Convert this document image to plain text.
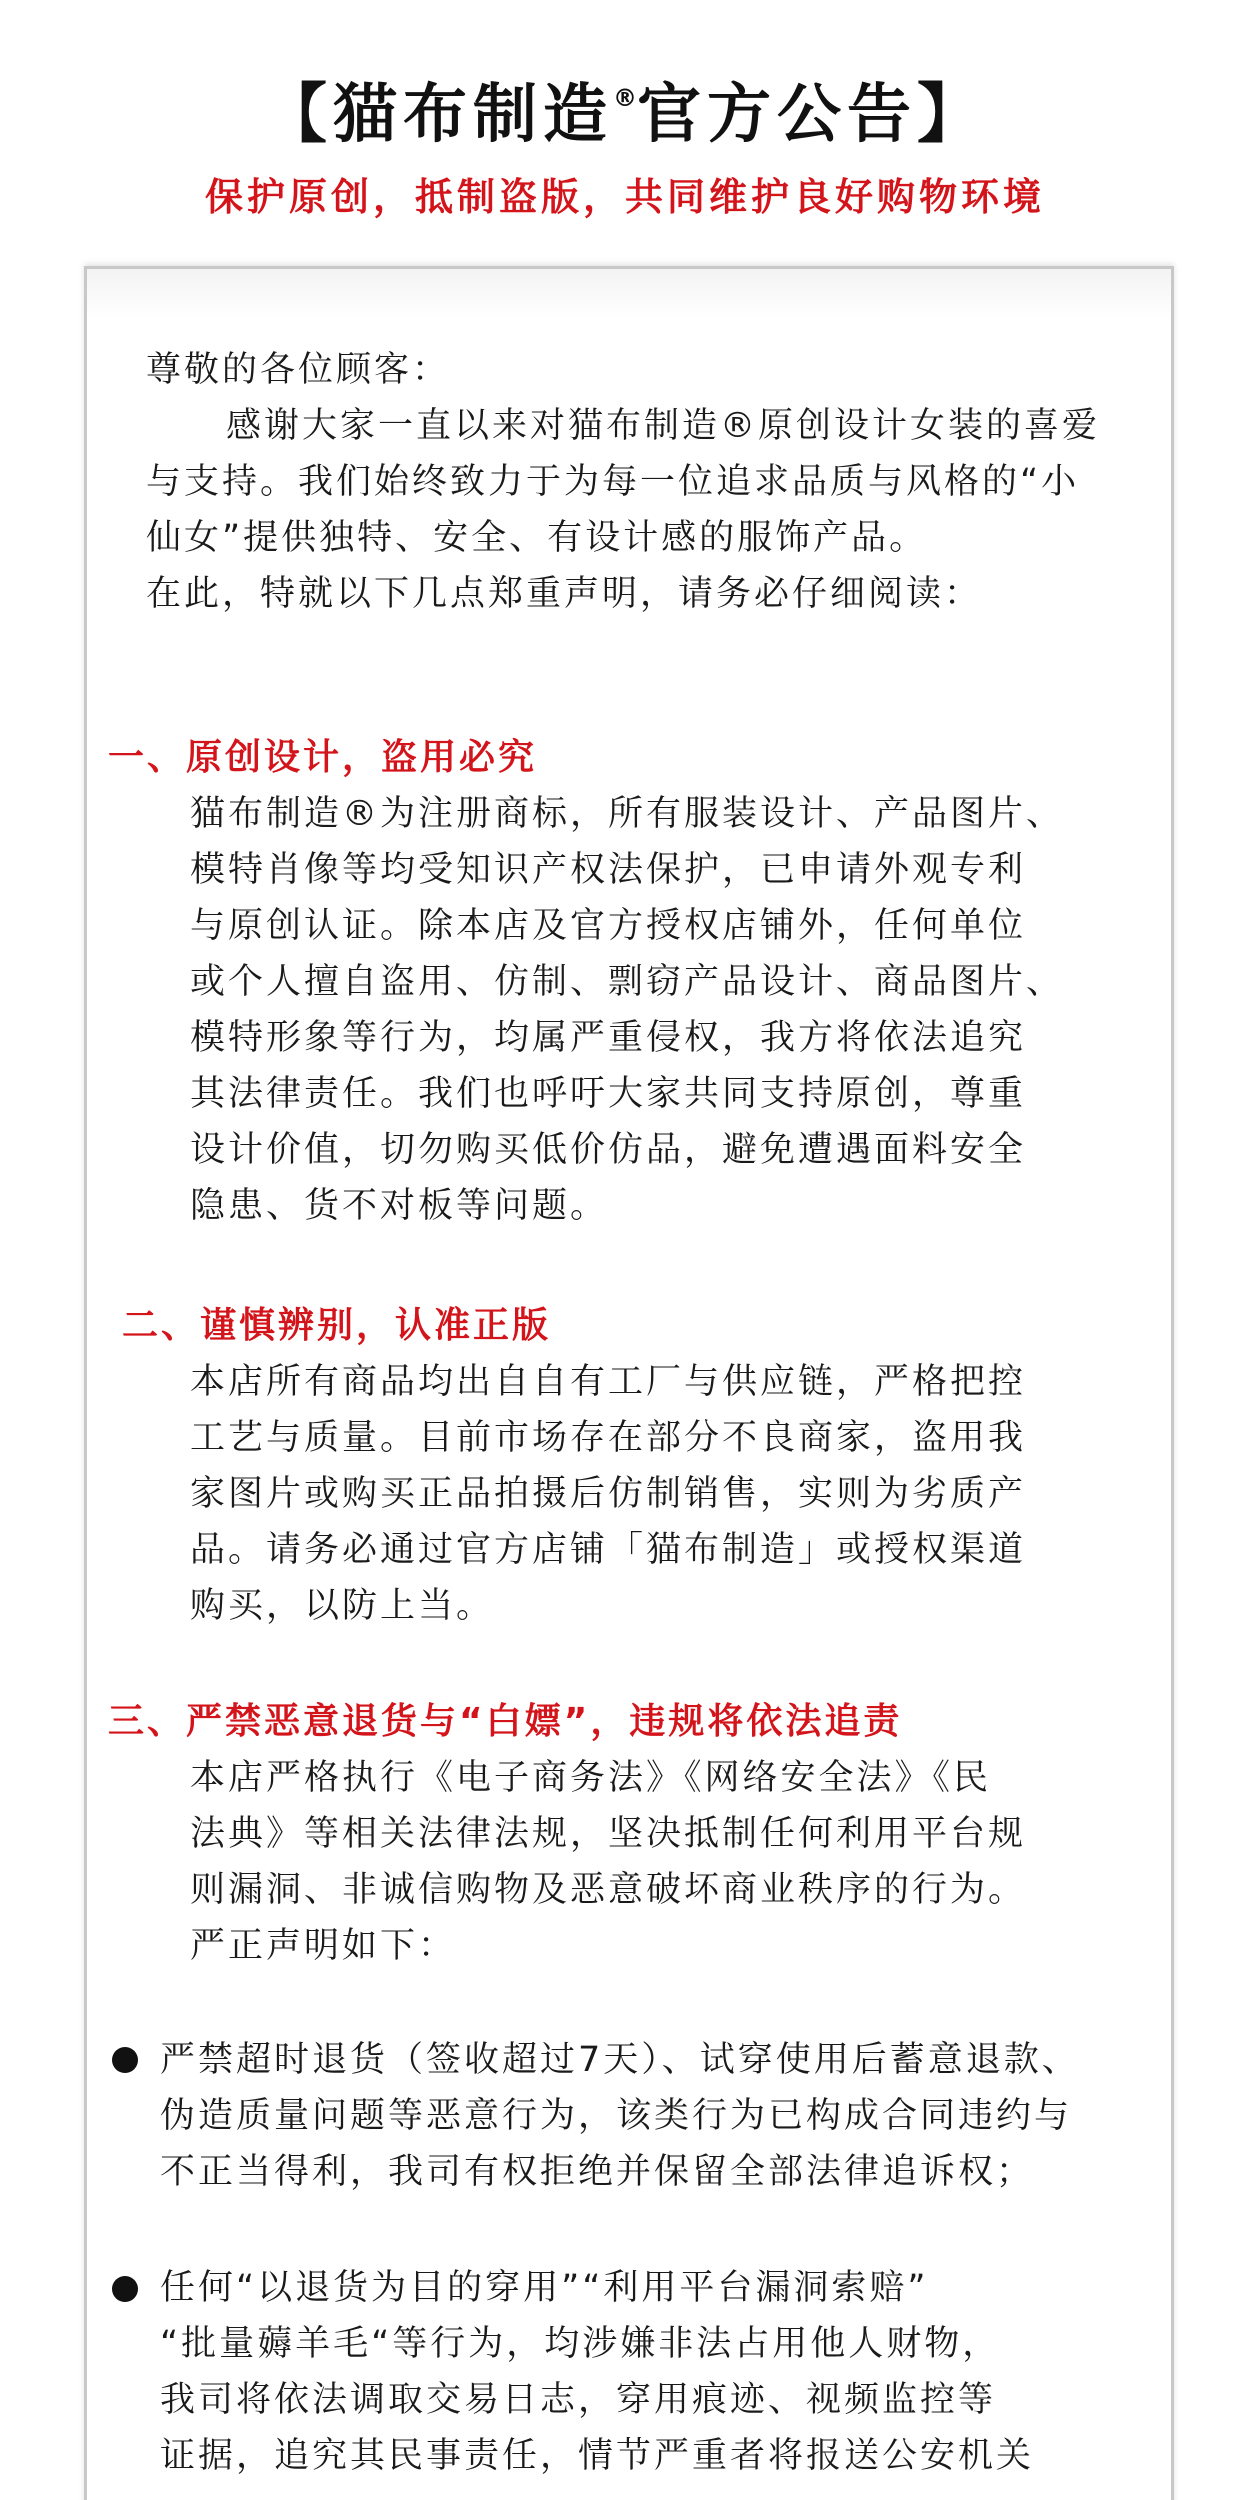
【猫布制造®官方公告】
保护原创，抵制盗版，共同维护良好购物环境
尊敬的各位顾客：
感谢大家一直以来对猫布制造®原创设计女装的喜爱
与支持。我们始终致力于为每一位追求品质与风格的“小
仙女”提供独特、安全、有设计感的服饰产品。
在此，特就以下几点郑重声明，请务必仔细阅读：
一、原创设计，盗用必究
猫布制造®为注册商标，所有服装设计、产品图片、
模特肖像等均受知识产权法保护，已申请外观专利
与原创认证。除本店及官方授权店铺外，任何单位
或个人擅自盗用、仿制、剽窃产品设计、商品图片、
模特形象等行为，均属严重侵权，我方将依法追究
其法律责任。我们也呼吁大家共同支持原创，尊重
设计价值，切勿购买低价仿品，避免遭遇面料安全
隐患、货不对板等问题。
二、谨慎辨别，认准正版
本店所有商品均出自自有工厂与供应链，严格把控
工艺与质量。目前市场存在部分不良商家，盗用我
家图片或购买正品拍摄后仿制销售，实则为劣质产
品。请务必通过官方店铺「猫布制造」或授权渠道
购买，以防上当。
三、严禁恶意退货与“白嫖”，违规将依法追责
本店严格执行《电子商务法》《网络安全法》《民
法典》等相关法律法规，坚决抵制任何利用平台规
则漏洞、非诚信购物及恶意破坏商业秩序的行为。
严正声明如下：
严禁超时退货（签收超过7天）、试穿使用后蓄意退款、
伪造质量问题等恶意行为，该类行为已构成合同违约与
不正当得利，我司有权拒绝并保留全部法律追诉权；
任何“以退货为目的穿用”“利用平台漏洞索赔”
“批量薅羊毛“等行为，均涉嫌非法占用他人财物，
我司将依法调取交易日志，穿用痕迹、视频监控等
证据，追究其民事责任，情节严重者将报送公安机关
